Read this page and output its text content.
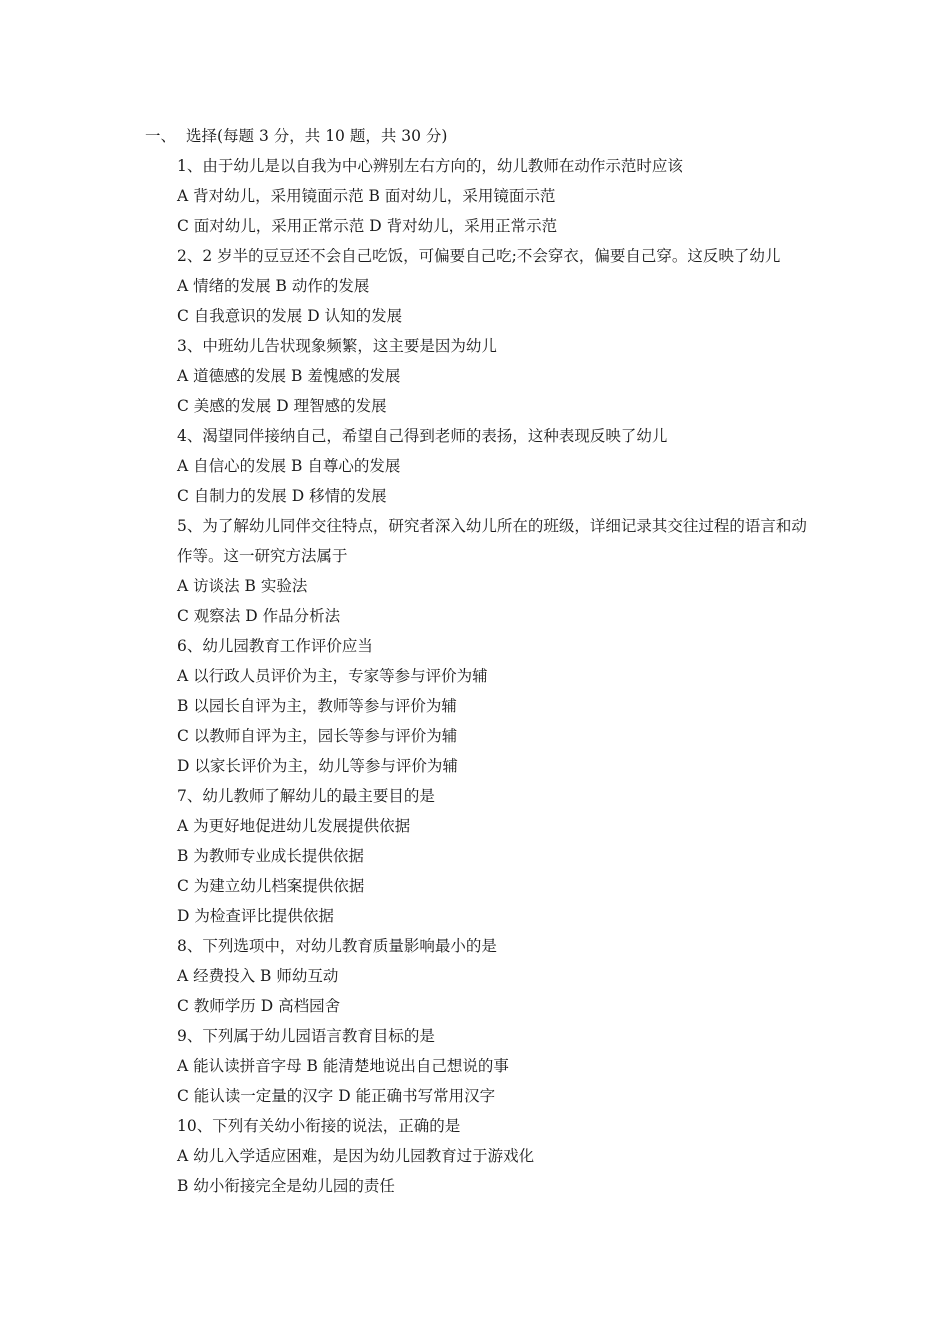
一、 选择(每题 3 分，共 10 题，共 30 分)
1、由于幼儿是以自我为中心辨别左右方向的，幼儿教师在动作示范时应该
A 背对幼儿，采用镜面示范 B 面对幼儿，采用镜面示范
C 面对幼儿，采用正常示范 D 背对幼儿，采用正常示范
2、2 岁半的豆豆还不会自己吃饭，可偏要自己吃;不会穿衣，偏要自己穿。这反映了幼儿
A 情绪的发展 B 动作的发展
C 自我意识的发展 D 认知的发展
3、中班幼儿告状现象频繁，这主要是因为幼儿
A 道德感的发展 B 羞愧感的发展
C 美感的发展 D 理智感的发展
4、渴望同伴接纳自己，希望自己得到老师的表扬，这种表现反映了幼儿
A 自信心的发展 B 自尊心的发展
C 自制力的发展 D 移情的发展
5、为了解幼儿同伴交往特点，研究者深入幼儿所在的班级，详细记录其交往过程的语言和动作等。这一研究方法属于
A 访谈法 B 实验法
C 观察法 D 作品分析法
6、幼儿园教育工作评价应当
A 以行政人员评价为主，专家等参与评价为辅
B 以园长自评为主，教师等参与评价为辅
C 以教师自评为主，园长等参与评价为辅
D 以家长评价为主，幼儿等参与评价为辅
7、幼儿教师了解幼儿的最主要目的是
A 为更好地促进幼儿发展提供依据
B 为教师专业成长提供依据
C 为建立幼儿档案提供依据
D 为检查评比提供依据
8、下列选项中，对幼儿教育质量影响最小的是
A 经费投入 B 师幼互动
C 教师学历 D 高档园舍
9、下列属于幼儿园语言教育目标的是
A 能认读拼音字母 B 能清楚地说出自己想说的事
C 能认读一定量的汉字 D 能正确书写常用汉字
10、下列有关幼小衔接的说法，正确的是
A 幼儿入学适应困难，是因为幼儿园教育过于游戏化
B 幼小衔接完全是幼儿园的责任
